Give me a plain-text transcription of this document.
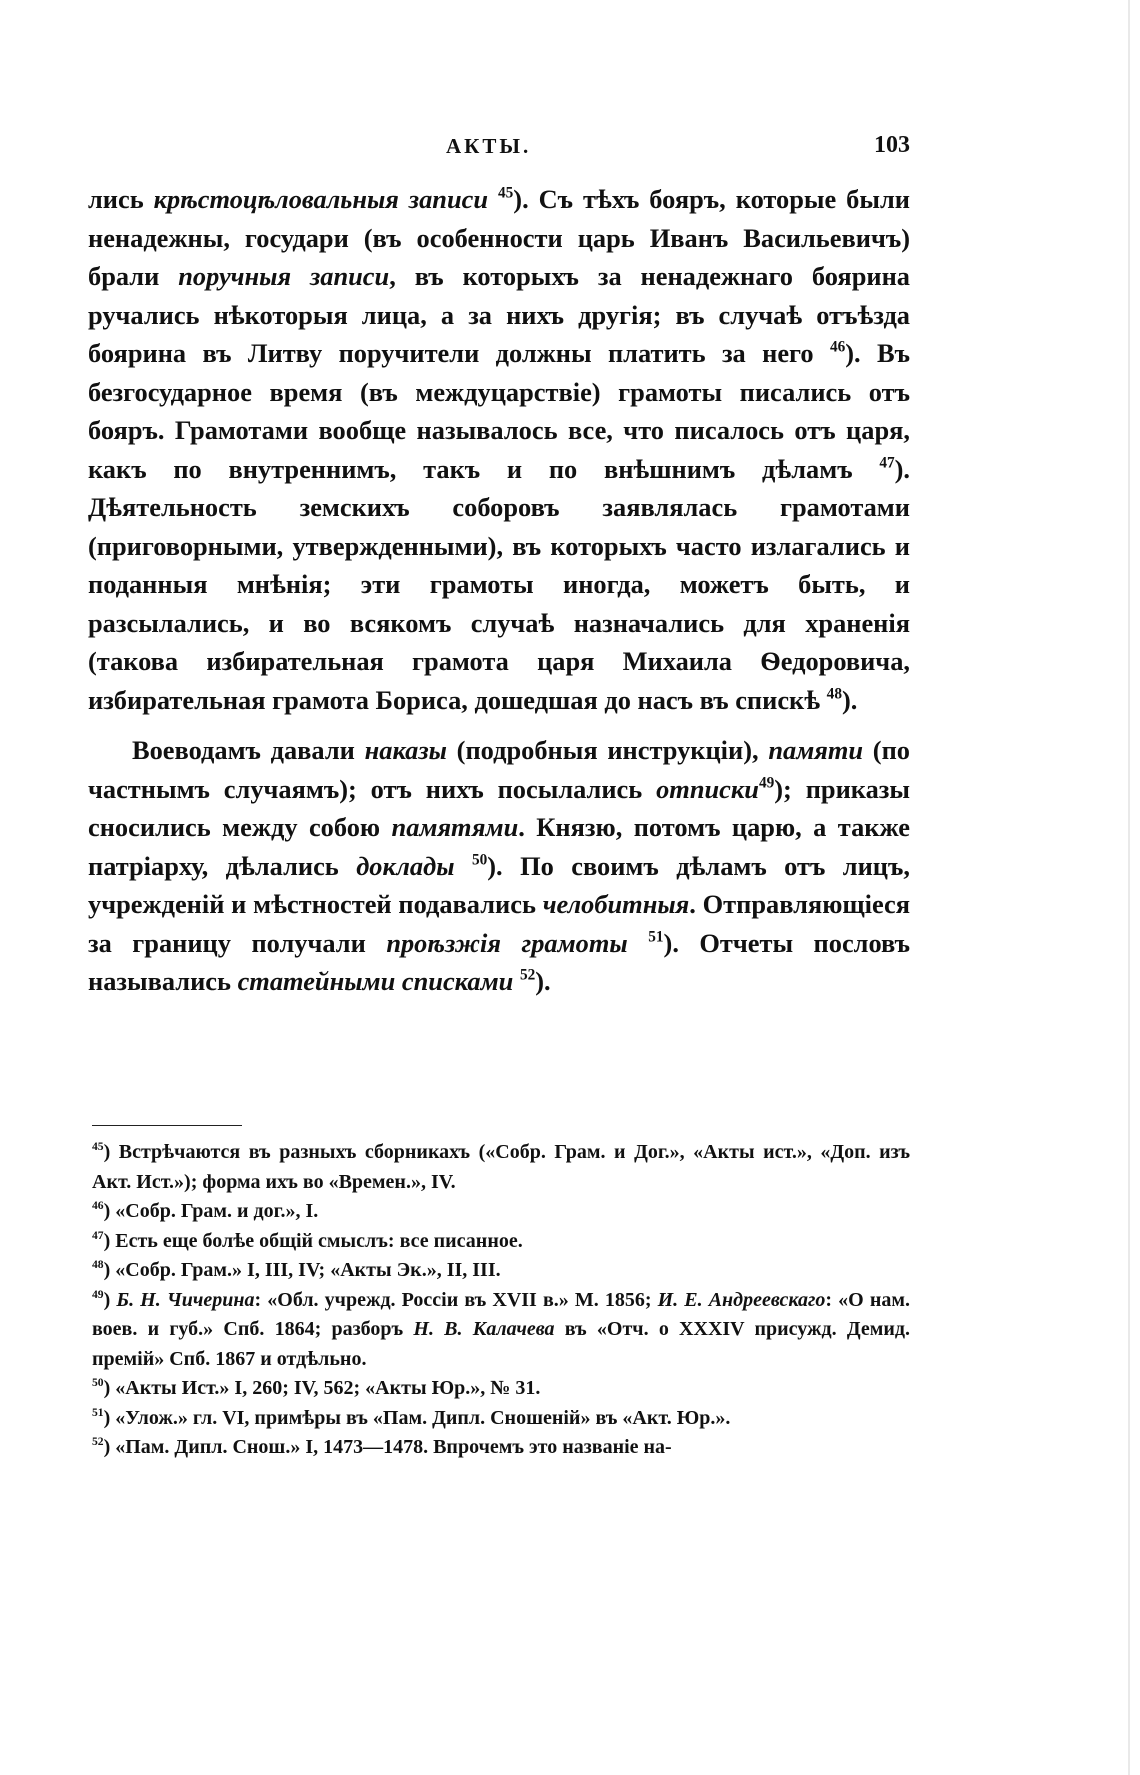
АКТЫ.	103

лись крѣстоцѣловальныя записи $^{45}$). Съ тѣхъ бояръ, которые были ненадежны, государи (въ особенности царь Иванъ Васильевичъ) брали поручныя записи, въ которыхъ за ненадежнаго боярина ручались нѣкоторыя лица, а за нихъ другія; въ случаѣ отъѣзда боярина въ Литву поручители должны платить за него $^{46}$). Въ безгосударное время (въ междуцарствіе) грамоты писались отъ бояръ. Грамотами вообще называлось все, что писалось отъ царя, какъ по внутреннимъ, такъ и по внѣшнимъ дѣламъ $^{47}$). Дѣятельность земскихъ соборовъ заявлялась грамотами (приговорными, утвержденными), въ которыхъ часто излагались и поданныя мнѣнія; эти грамоты иногда, можетъ быть, и разсылались, и во всякомъ случаѣ назначались для храненія (такова избирательная грамота царя Михаила Ѳедоровича, избирательная грамота Бориса, дошедшая до насъ въ спискѣ $^{48}$).

Воеводамъ давали наказы (подробныя инструкціи), памяти (по частнымъ случаямъ); отъ нихъ посылались отписки$^{49}$); приказы сносились между собою памятями. Князю, потомъ царю, а также патріарху, дѣлались доклады $^{50}$). По своимъ дѣламъ отъ лицъ, учрежденій и мѣстностей подавались челобитныя. Отправляющіеся за границу получали проѣзжія грамоты $^{51}$). Отчеты пословъ назывались статейными списками $^{52}$).

$^{45}$) Встрѣчаются въ разныхъ сборникахъ («Собр. Грам. и Дог.», «Акты ист.», «Доп. изъ Акт. Ист.»); форма ихъ во «Времен.», IV.

$^{46}$) «Собр. Грам. и дог.», I.

$^{47}$) Есть еще болѣе общій смыслъ: все писанное.

$^{48}$) «Собр. Грам.» I, III, IV; «Акты Эк.», II, III.

$^{49}$) Б. Н. Чичерина: «Обл. учрежд. Россіи въ XVII в.» М. 1856; И. Е. Андреевскаго: «О нам. воев. и губ.» Спб. 1864; разборъ Н. В. Калачева въ «Отч. о XXXIV присужд. Демид. премій» Спб. 1867 и отдѣльно.

$^{50}$) «Акты Ист.» I, 260; IV, 562; «Акты Юр.», № 31.

$^{51}$) «Улож.» гл. VI, примѣры въ «Пам. Дипл. Сношеній» въ «Акт. Юр.».

$^{52}$) «Пам. Дипл. Снош.» I, 1473—1478. Впрочемъ это названіе на-
